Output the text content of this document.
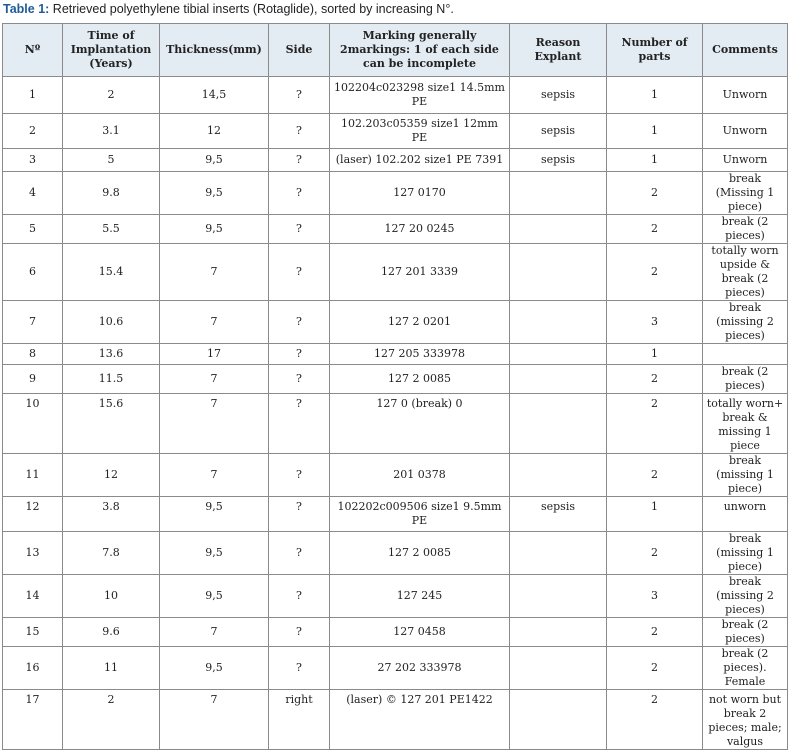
Table 1: Retrieved polyethylene tibial inserts (Rotaglide), sorted by increasing N°.
Nº	Time of Implantation (Years)	Thickness(mm)	Side	Marking generally 2markings: 1 of each side can be incomplete	Reason Explant	Number of parts	Comments
1	2	14,5	?	102204c023298 size1 14.5mm PE	sepsis	1	Unworn
2	3.1	12	?	102.203c05359 size1 12mm PE	sepsis	1	Unworn
3	5	9,5	?	(laser) 102.202 size1 PE 7391	sepsis	1	Unworn
4	9.8	9,5	?	127 0170		2	break (Missing 1 piece)
5	5.5	9,5	?	127 20 0245		2	break (2 pieces)
6	15.4	7	?	127 201 3339		2	totally worn upside & break (2 pieces)
7	10.6	7	?	127 2 0201		3	break (missing 2 pieces)
8	13.6	17	?	127 205 333978		1	
9	11.5	7	?	127 2 0085		2	break (2 pieces)
10	15.6	7	?	127 0 (break) 0		2	totally worn+ break & missing 1 piece
11	12	7	?	201 0378		2	break (missing 1 piece)
12	3.8	9,5	?	102202c009506 size1 9.5mm PE	sepsis	1	unworn
13	7.8	9,5	?	127 2 0085		2	break (missing 1 piece)
14	10	9,5	?	127 245		3	break (missing 2 pieces)
15	9.6	7	?	127 0458		2	break (2 pieces)
16	11	9,5	?	27 202 333978		2	break (2 pieces). Female
17	2	7	right	(laser) © 127 201 PE1422		2	not worn but break 2 pieces; male; valgus
